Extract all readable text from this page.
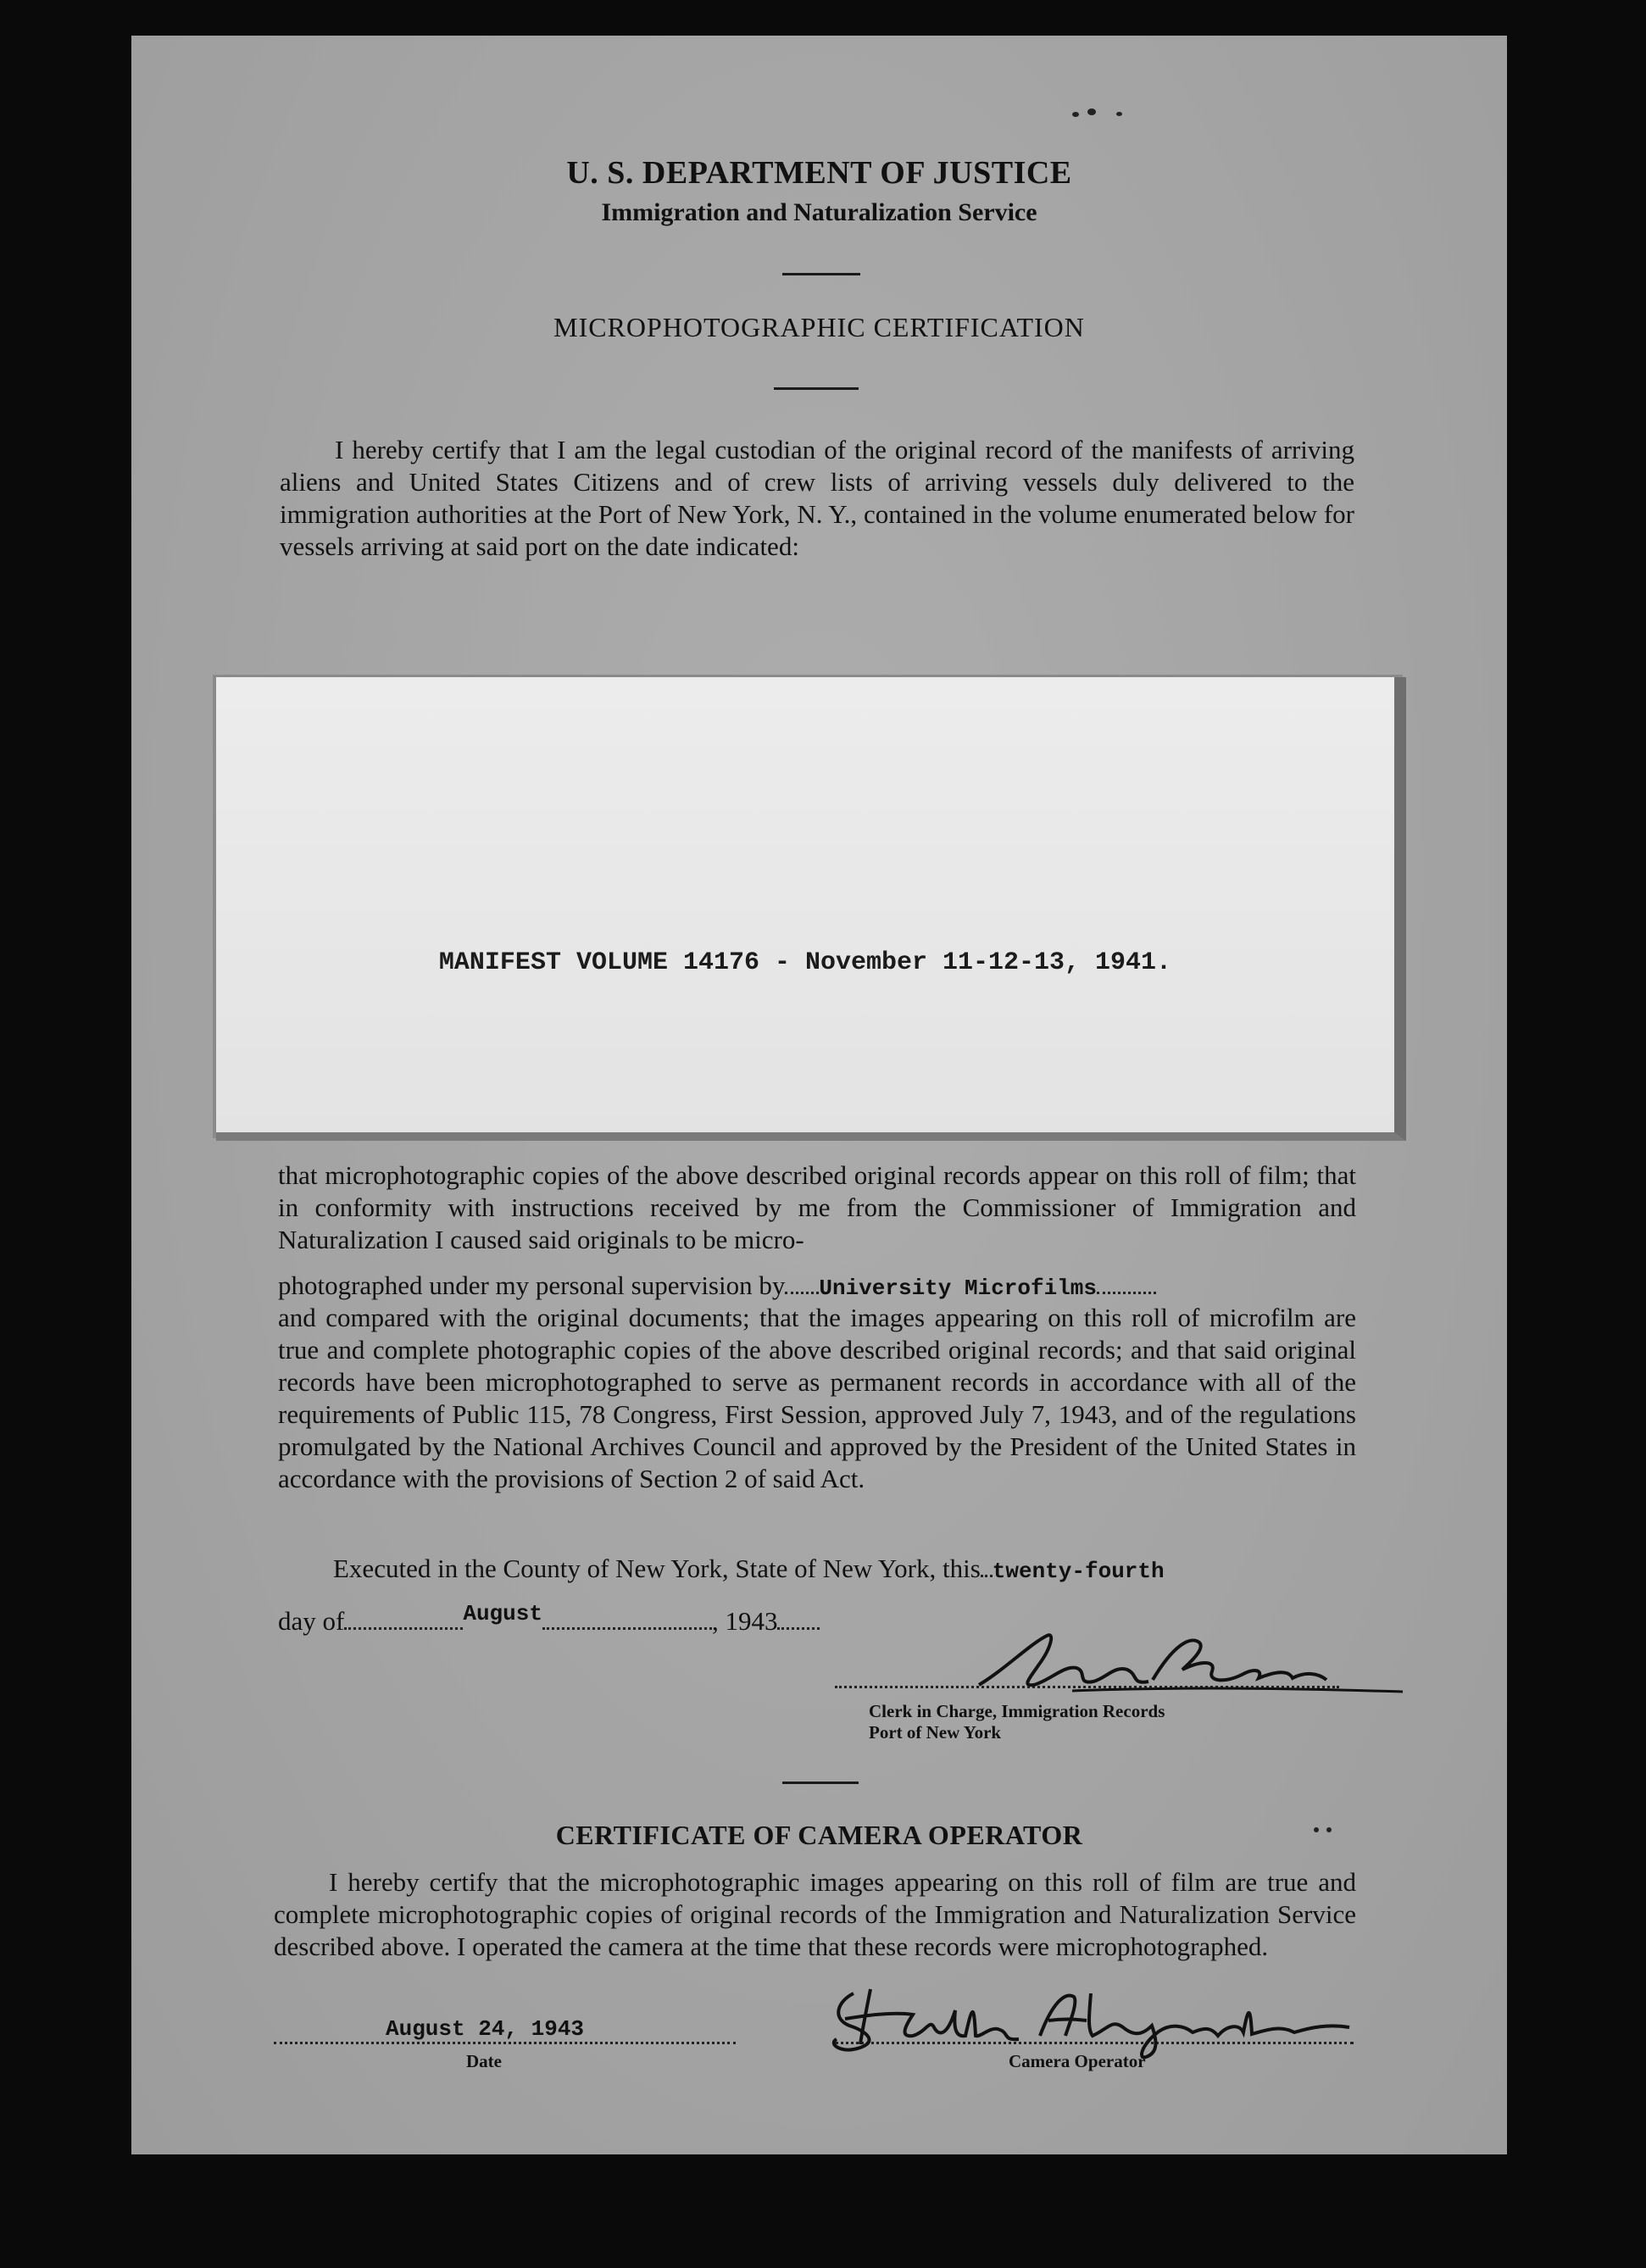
U. S. DEPARTMENT OF JUSTICE
Immigration and Naturalization Service
MICROPHOTOGRAPHIC CERTIFICATION

I hereby certify that I am the legal custodian of the original record of the manifests of arriving aliens and United States Citizens and of crew lists of arriving vessels duly delivered to the immigration authorities at the Port of New York, N. Y., contained in the volume enumerated below for vessels arriving at said port on the date indicated:

MANIFEST VOLUME 14176 - November 11-12-13, 1941.

that microphotographic copies of the above described original records appear on this roll of film; that in conformity with instructions received by me from the Commissioner of Immigration and Naturalization I caused said originals to be micro-

photographed under my personal supervision by University Microfilms

and compared with the original documents; that the images appearing on this roll of microfilm are true and complete photographic copies of the above described original records; and that said original records have been microphotographed to serve as permanent records in accordance with all of the requirements of Public 115, 78 Congress, First Session, approved July 7, 1943, and of the regulations promulgated by the National Archives Council and approved by the President of the United States in accordance with the provisions of Section 2 of said Act.

Executed in the County of New York, State of New York, this twenty-fourth
day of	$^{August}$	, 1943
Clerk in Charge, Immigration Records
Port of New York
CERTIFICATE OF CAMERA OPERATOR

I hereby certify that the microphotographic images appearing on this roll of film are true and complete microphotographic copies of original records of the Immigration and Naturalization Service described above. I operated the camera at the time that these records were microphotographed.

August 24, 1943
Date	Camera Operator
